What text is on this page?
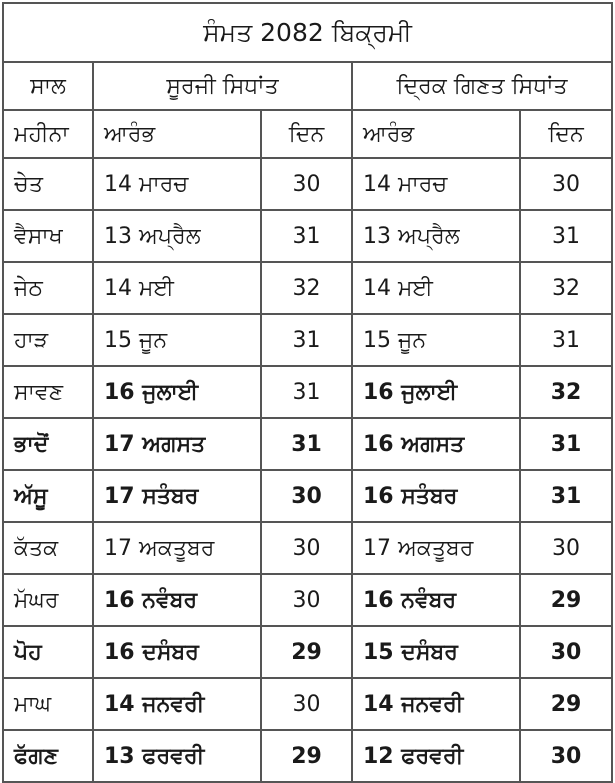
ਸੰਮਤ 2082 ਬਿਕ੍ਰਮੀ				
ਸਾਲ	ਸੂਰਜੀ ਸਿਧਾਂਤ		ਦ੍ਰਿਕ ਗਿਣਤ ਸਿਧਾਂਤ	
ਮਹੀਨਾ	ਆਰੰਭ	ਦਿਨ	ਆਰੰਭ	ਦਿਨ
ਚੇਤ	14 ਮਾਰਚ	30	14 ਮਾਰਚ	30
ਵੈਸਾਖ	13 ਅਪ੍ਰੈਲ	31	13 ਅਪ੍ਰੈਲ	31
ਜੇਠ	14 ਮਈ	32	14 ਮਈ	32
ਹਾੜ	15 ਜੂਨ	31	15 ਜੂਨ	31
ਸਾਵਣ	16 ਜੁਲਾਈ	31	16 ਜੁਲਾਈ	32
ਭਾਦੋਂ	17 ਅਗਸਤ	31	16 ਅਗਸਤ	31
ਅੱਸੂ	17 ਸਤੰਬਰ	30	16 ਸਤੰਬਰ	31
ਕੱਤਕ	17 ਅਕਤੂਬਰ	30	17 ਅਕਤੂਬਰ	30
ਮੱਘਰ	16 ਨਵੰਬਰ	30	16 ਨਵੰਬਰ	29
ਪੋਹ	16 ਦਸੰਬਰ	29	15 ਦਸੰਬਰ	30
ਮਾਘ	14 ਜਨਵਰੀ	30	14 ਜਨਵਰੀ	29
ਫੱਗਣ	13 ਫਰਵਰੀ	29	12 ਫਰਵਰੀ	30
